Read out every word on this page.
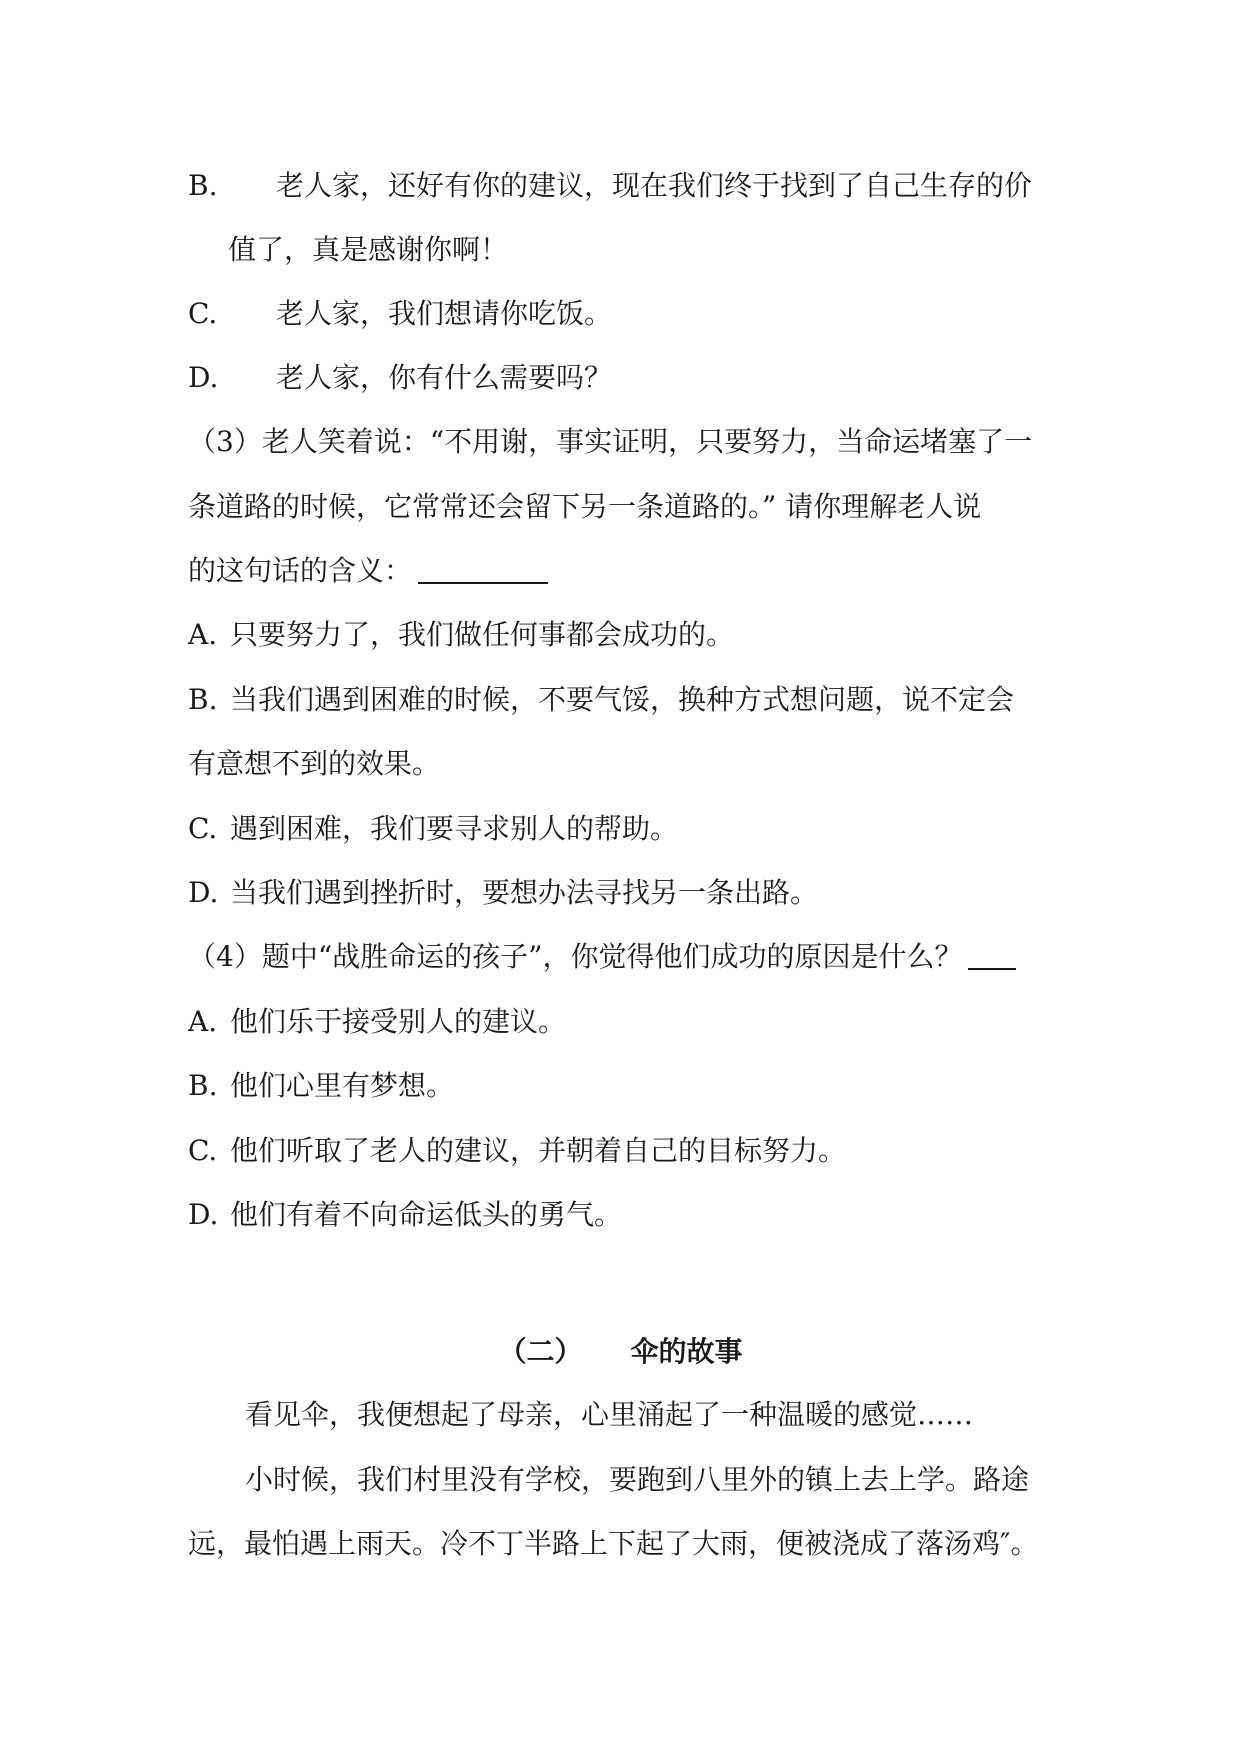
B. 老人家，还好有你的建议，现在我们终于找到了自己生存的价
值了，真是感谢你啊！
C. 老人家，我们想请你吃饭。
D. 老人家，你有什么需要吗？
（3）老人笑着说：“不用谢，事实证明，只要努力，当命运堵塞了一
条道路的时候，它常常还会留下另一条道路的。” 请你理解老人说
的这句话的含义：
A. 只要努力了，我们做任何事都会成功的。
B. 当我们遇到困难的时候，不要气馁，换种方式想问题，说不定会
有意想不到的效果。
C. 遇到困难，我们要寻求别人的帮助。
D. 当我们遇到挫折时，要想办法寻找另一条出路。
（4）题中“战胜命运的孩子”，你觉得他们成功的原因是什么？
A. 他们乐于接受别人的建议。
B. 他们心里有梦想。
C. 他们听取了老人的建议，并朝着自己的目标努力。
D. 他们有着不向命运低头的勇气。
（二） 伞的故事
看见伞，我便想起了母亲，心里涌起了一种温暖的感觉……
小时候，我们村里没有学校，要跑到八里外的镇上去上学。路途
远，最怕遇上雨天。冷不丁半路上下起了大雨，便被浇成了落汤鸡″。
